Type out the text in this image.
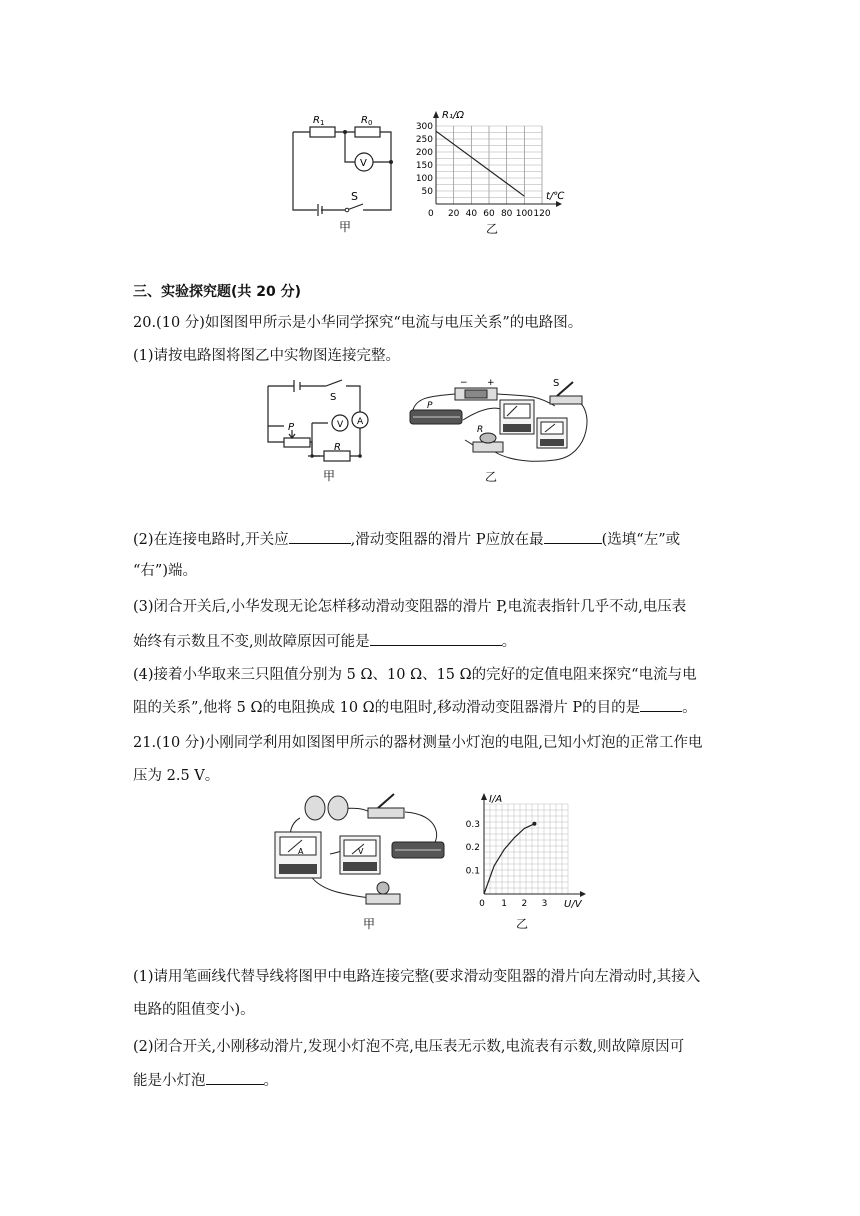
R 1	R 0
V
S
甲
300
250
200
150
100
50
0 20 40 60 80 100 120
R₁/Ω
t/℃
乙
三、实验探究题(共 20 分)
20.(10 分)如图图甲所示是小华同学探究“电流与电压关系”的电路图。
(1)请按电路图将图乙中实物图连接完整。
A
V
S
P
R
甲
− +
P
S
R
乙
(2)在连接电路时,开关应	,滑动变阻器的滑片 P应放在最	(选填“左”或
“右”)端。
(3)闭合开关后,小华发现无论怎样移动滑动变阻器的滑片 P,电流表指针几乎不动,电压表
始终有示数且不变,则故障原因可能是	。
(4)接着小华取来三只阻值分别为 5 Ω、10 Ω、15 Ω的完好的定值电阻来探究“电流与电
阻的关系”,他将 5 Ω的电阻换成 10 Ω的电阻时,移动滑动变阻器滑片 P的目的是	。
21.(10 分)小刚同学利用如图图甲所示的器材测量小灯泡的电阻,已知小灯泡的正常工作电
压为 2.5 V。
A	V
甲
0.3
0.2
0.1
0 1 2 3
I/A
U/V
乙
(1)请用笔画线代替导线将图甲中电路连接完整(要求滑动变阻器的滑片向左滑动时,其接入
电路的阻值变小)。
(2)闭合开关,小刚移动滑片,发现小灯泡不亮,电压表无示数,电流表有示数,则故障原因可
能是小灯泡	。
